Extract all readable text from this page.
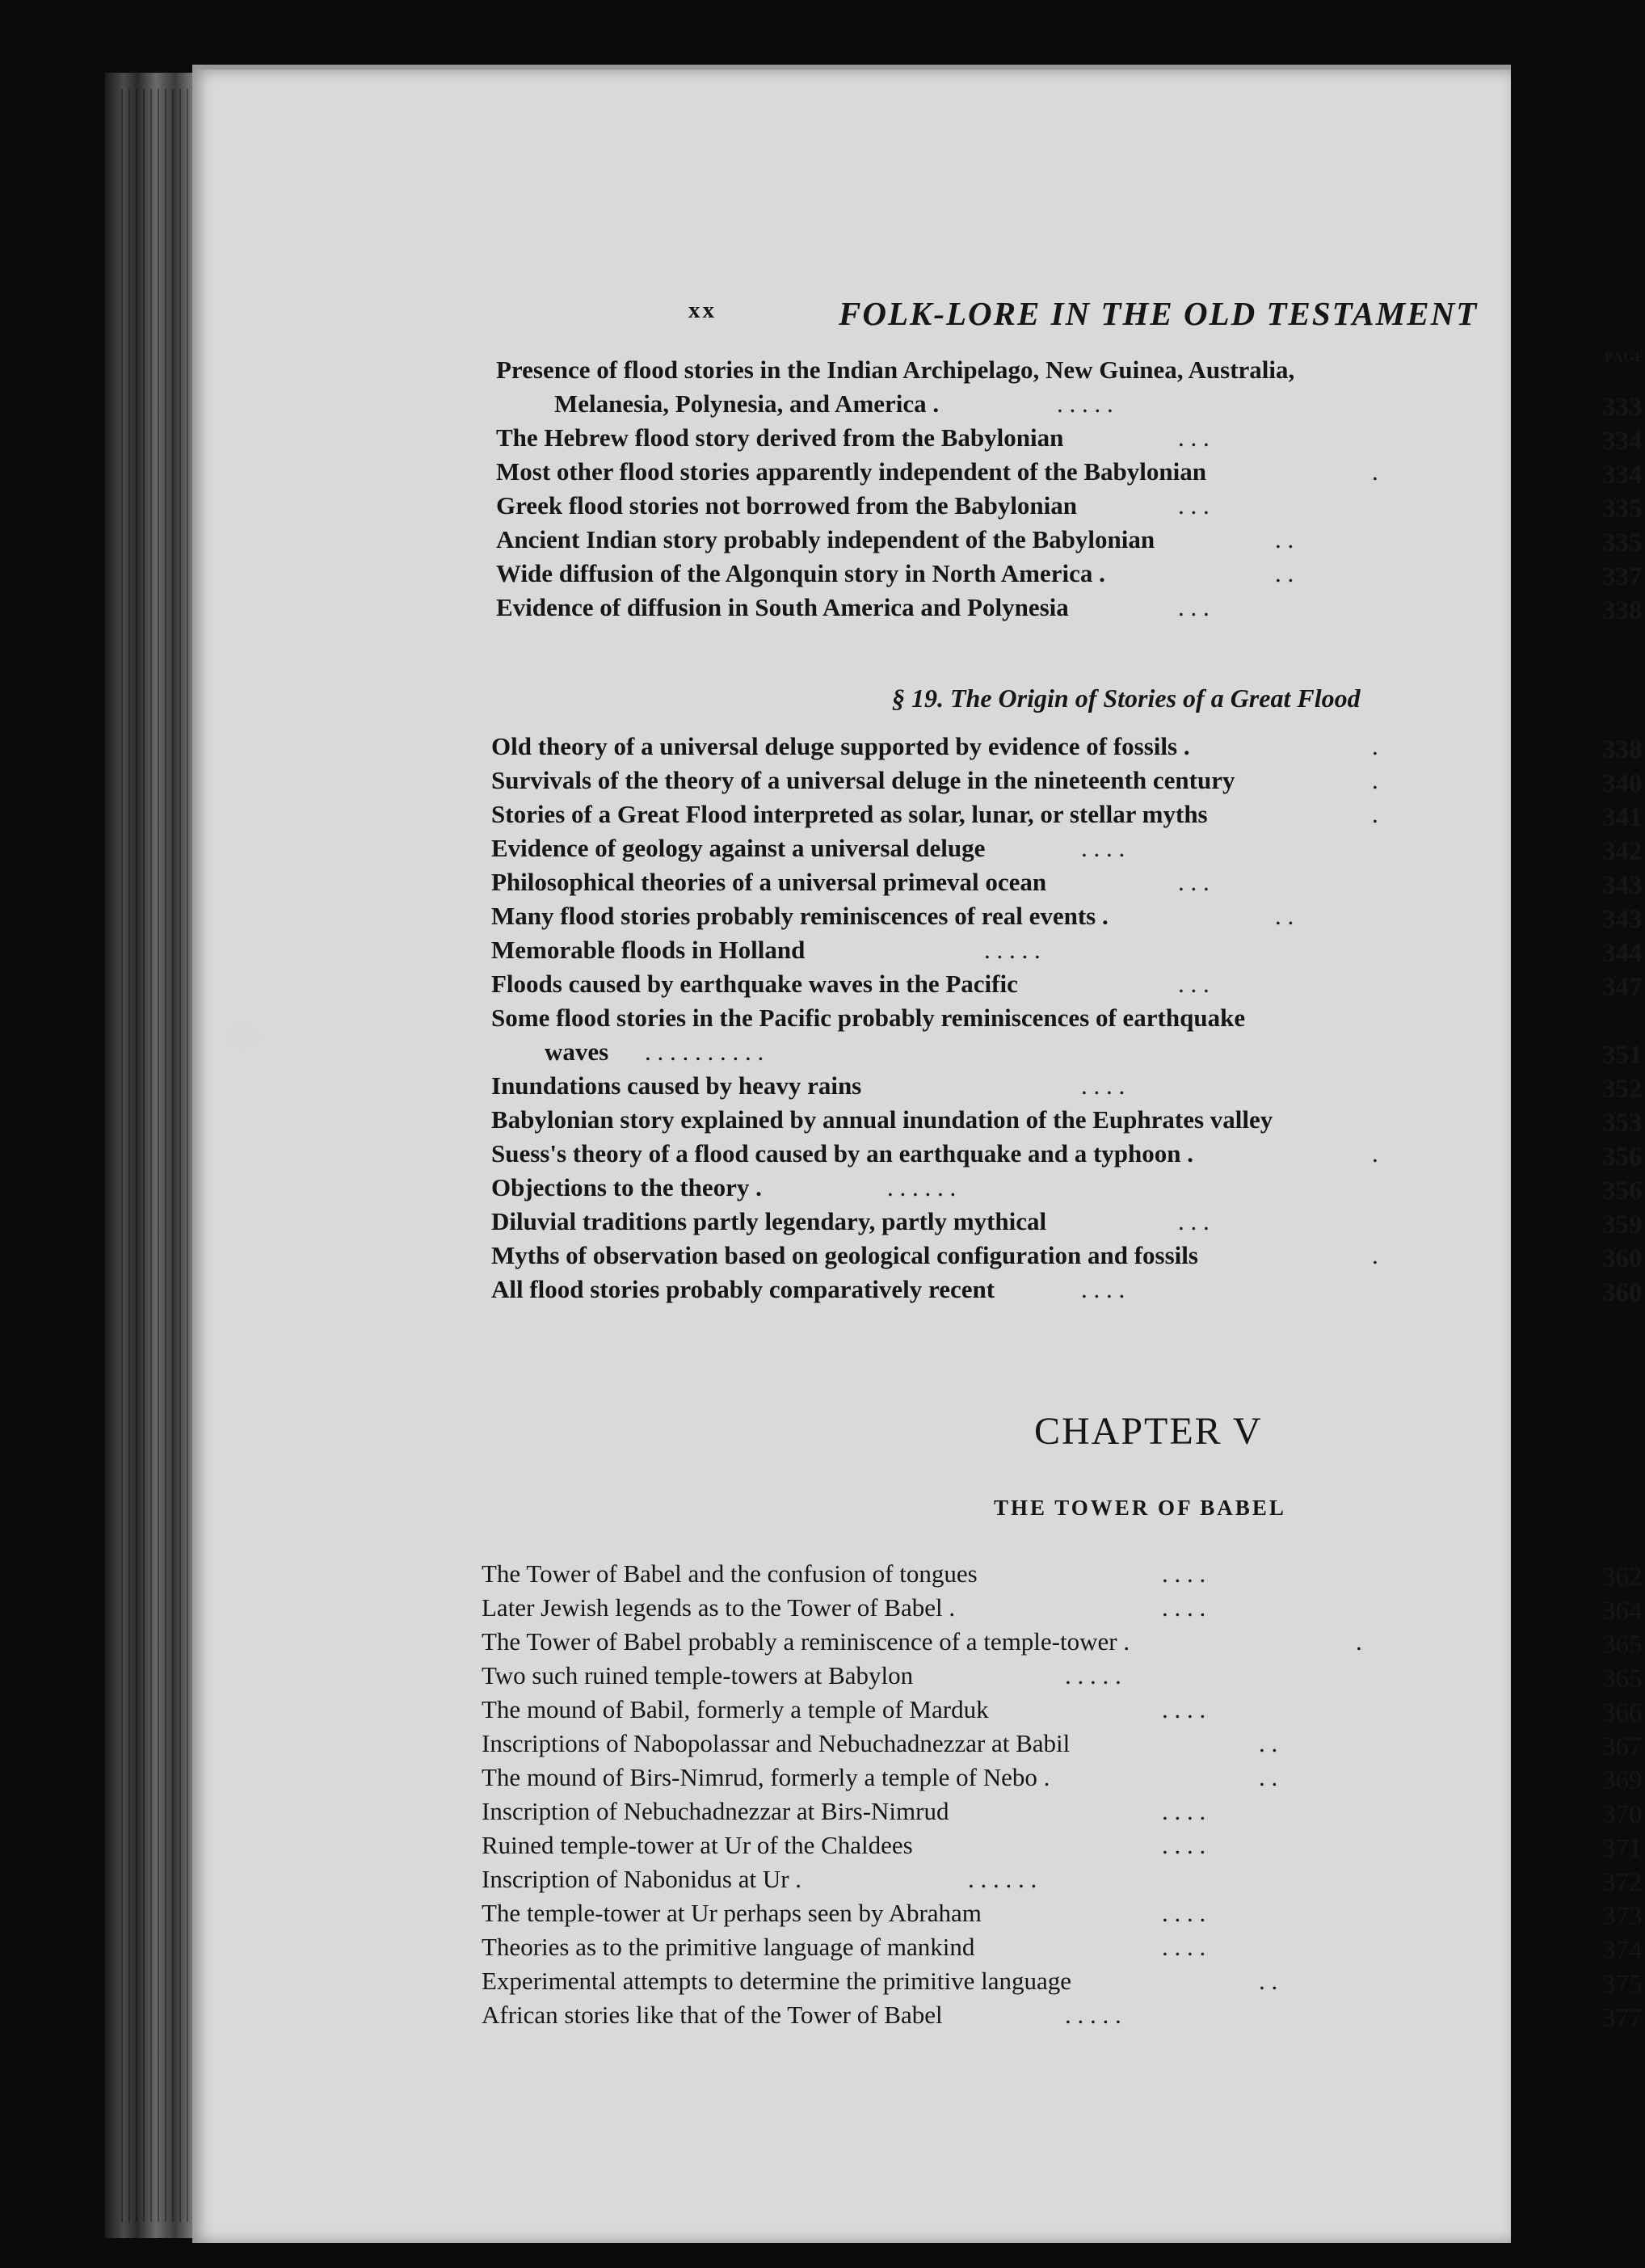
xx	FOLK-LORE IN THE OLD TESTAMENT
PAGE
Presence of flood stories in the Indian Archipelago, New Guinea, Australia,
Melanesia, Polynesia, and America .	. . . . .	333
The Hebrew flood story derived from the Babylonian	. . .	334
Most other flood stories apparently independent of the Babylonian	.	334
Greek flood stories not borrowed from the Babylonian	. . .	335
Ancient Indian story probably independent of the Babylonian	. .	335
Wide diffusion of the Algonquin story in North America .	. .	337
Evidence of diffusion in South America and Polynesia	. . .	338
§ 19. The Origin of Stories of a Great Flood
Old theory of a universal deluge supported by evidence of fossils .	.	338
Survivals of the theory of a universal deluge in the nineteenth century	.	340
Stories of a Great Flood interpreted as solar, lunar, or stellar myths	.	341
Evidence of geology against a universal deluge	. . . .	342
Philosophical theories of a universal primeval ocean	. . .	343
Many flood stories probably reminiscences of real events .	. .	343
Memorable floods in Holland	. . . . .	344
Floods caused by earthquake waves in the Pacific	. . .	347
Some flood stories in the Pacific probably reminiscences of earthquake
waves . . . . . . . . . .	351
Inundations caused by heavy rains	. . . .	352
Babylonian story explained by annual inundation of the Euphrates valley	353
Suess's theory of a flood caused by an earthquake and a typhoon .	.	356
Objections to the theory .	. . . . . .	356
Diluvial traditions partly legendary, partly mythical	. . .	359
Myths of observation based on geological configuration and fossils	.	360
All flood stories probably comparatively recent	. . . .	360
CHAPTER V
THE TOWER OF BABEL
The Tower of Babel and the confusion of tongues	. . . .	362
Later Jewish legends as to the Tower of Babel .	. . . .	364
The Tower of Babel probably a reminiscence of a temple-tower .	.	365
Two such ruined temple-towers at Babylon	. . . . .	365
The mound of Babil, formerly a temple of Marduk	. . . .	366
Inscriptions of Nabopolassar and Nebuchadnezzar at Babil	. .	367
The mound of Birs-Nimrud, formerly a temple of Nebo .	. .	369
Inscription of Nebuchadnezzar at Birs-Nimrud	. . . .	370
Ruined temple-tower at Ur of the Chaldees	. . . .	371
Inscription of Nabonidus at Ur .	. . . . . .	372
The temple-tower at Ur perhaps seen by Abraham	. . . .	373
Theories as to the primitive language of mankind	. . . .	374
Experimental attempts to determine the primitive language	. .	375
African stories like that of the Tower of Babel	. . . . .	377
